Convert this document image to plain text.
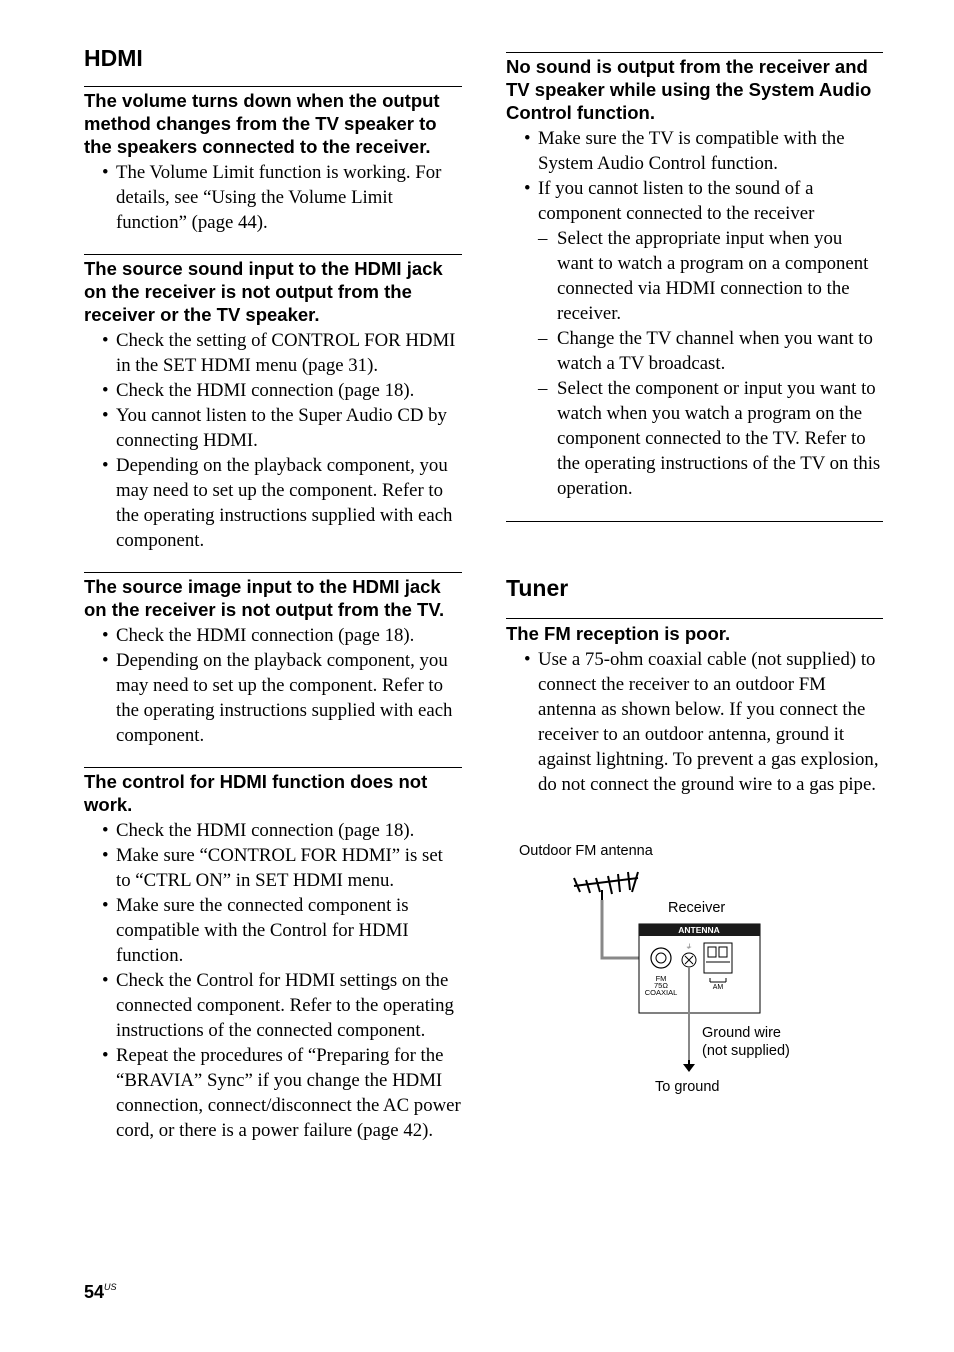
HDMI
The volume turns down when the output method changes from the TV speaker to the speakers connected to the receiver.
• The Volume Limit function is working. For details, see “Using the Volume Limit function” (page 44).
The source sound input to the HDMI jack on the receiver is not output from the receiver or the TV speaker.
• Check the setting of CONTROL FOR HDMI in the SET HDMI menu (page 31).
• Check the HDMI connection (page 18).
• You cannot listen to the Super Audio CD by connecting HDMI.
• Depending on the playback component, you may need to set up the component. Refer to the operating instructions supplied with each component.
The source image input to the HDMI jack on the receiver is not output from the TV.
• Check the HDMI connection (page 18).
• Depending on the playback component, you may need to set up the component. Refer to the operating instructions supplied with each component.
The control for HDMI function does not work.
• Check the HDMI connection (page 18).
• Make sure “CONTROL FOR HDMI” is set to “CTRL ON” in SET HDMI menu.
• Make sure the connected component is compatible with the Control for HDMI function.
• Check the Control for HDMI settings on the connected component. Refer to the operating instructions of the connected component.
• Repeat the procedures of “Preparing for the “BRAVIA” Sync” if you change the HDMI connection, connect/disconnect the AC power cord, or there is a power failure (page 42).
No sound is output from the receiver and TV speaker while using the System Audio Control function.
• Make sure the TV is compatible with the System Audio Control function.
• If you cannot listen to the sound of a component connected to the receiver
– Select the appropriate input when you want to watch a program on a component connected via HDMI connection to the receiver.
– Change the TV channel when you want to watch a TV broadcast.
– Select the component or input you want to watch when you watch a program on the component connected to the TV. Refer to the operating instructions of the TV on this operation.
Tuner
The FM reception is poor.
• Use a 75-ohm coaxial cable (not supplied) to connect the receiver to an outdoor FM antenna as shown below. If you connect the receiver to an outdoor antenna, ground it against lightning. To prevent a gas explosion, do not connect the ground wire to a gas pipe.
Outdoor FM antenna
Receiver
ANTENNA
⏚
FM
75Ω
COAXIAL
AM
Ground wire
(not supplied)
To ground
$54^{US}$
